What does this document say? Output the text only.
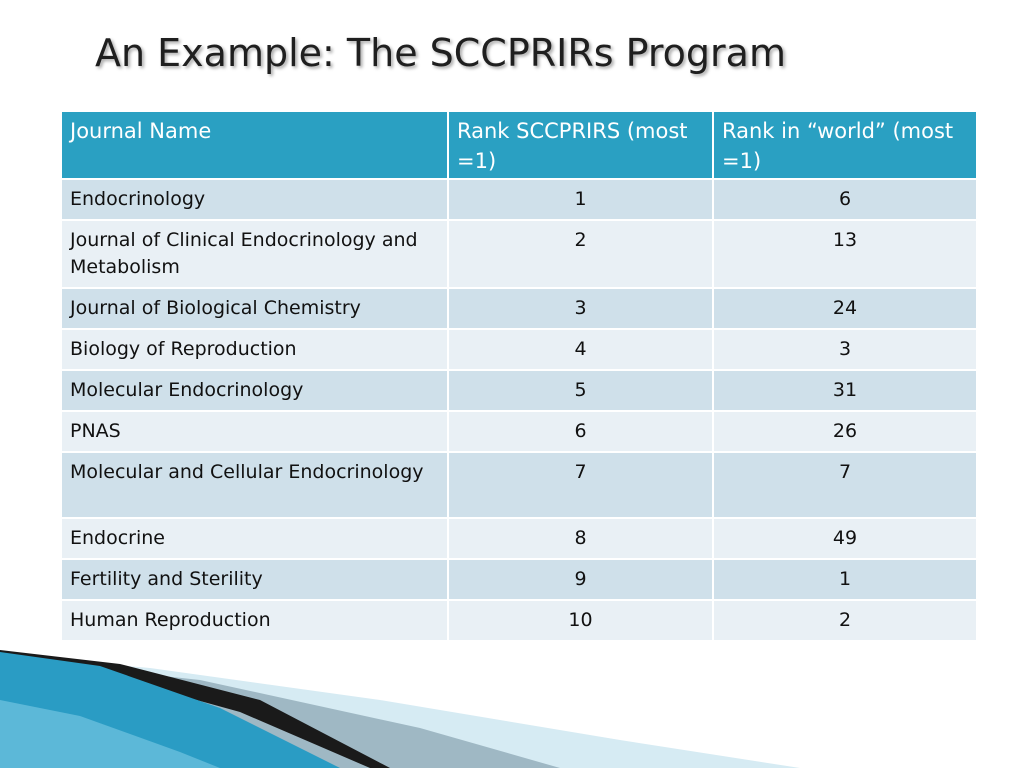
An Example: The SCCPRIRs Program
Journal Name	Rank SCCPRIRS (most =1)	Rank in “world” (most =1)
Endocrinology	1	6
Journal of Clinical Endocrinology and Metabolism	2	13
Journal of Biological Chemistry	3	24
Biology of Reproduction	4	3
Molecular Endocrinology	5	31
PNAS	6	26
Molecular and Cellular Endocrinology	7	7
Endocrine	8	49
Fertility and Sterility	9	1
Human Reproduction	10	2
